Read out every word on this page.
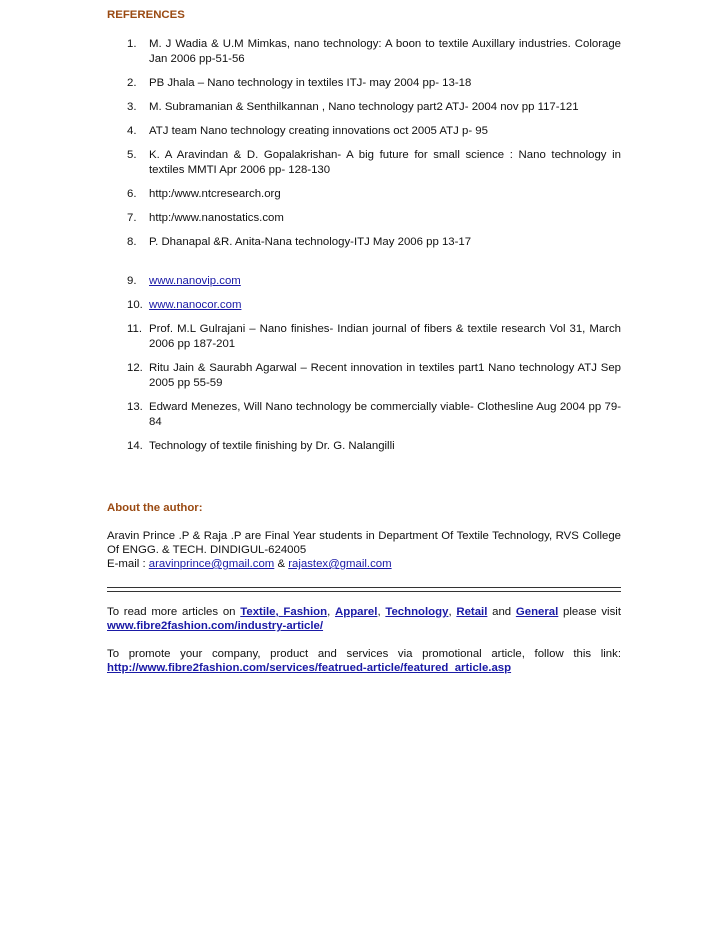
REFERENCES

1. M. J Wadia & U.M Mimkas, nano technology: A boon to textile Auxillary industries. Colorage Jan 2006 pp-51-56
2. PB Jhala – Nano technology in textiles ITJ- may 2004 pp- 13-18
3. M. Subramanian & Senthilkannan , Nano technology part2 ATJ- 2004 nov pp 117-121
4. ATJ team Nano technology creating innovations oct 2005 ATJ p- 95
5. K. A Aravindan & D. Gopalakrishan- A big future for small science : Nano technology in textiles MMTI Apr 2006 pp- 128-130
6. http:/www.ntcresearch.org
7. http:/www.nanostatics.com
8. P. Dhanapal &R. Anita-Nana technology-ITJ May 2006 pp 13-17
9. www.nanovip.com
10. www.nanocor.com
11. Prof. M.L Gulrajani – Nano finishes- Indian journal of fibers & textile research Vol 31, March 2006 pp 187-201
12. Ritu Jain & Saurabh Agarwal – Recent innovation in textiles part1 Nano technology ATJ Sep 2005 pp 55-59
13. Edward Menezes, Will Nano technology be commercially viable- Clothesline Aug 2004 pp 79-84
14. Technology of textile finishing by Dr. G. Nalangilli

About the author:

Aravin Prince .P & Raja .P are Final Year students in Department Of Textile Technology, RVS College Of ENGG. & TECH. DINDIGUL-624005
E-mail : aravinprince@gmail.com & rajastex@gmail.com
To read more articles on Textile, Fashion, Apparel, Technology, Retail and General please visit www.fibre2fashion.com/industry-article/
To promote your company, product and services via promotional article, follow this link: http://www.fibre2fashion.com/services/featrued-article/featured_article.asp
